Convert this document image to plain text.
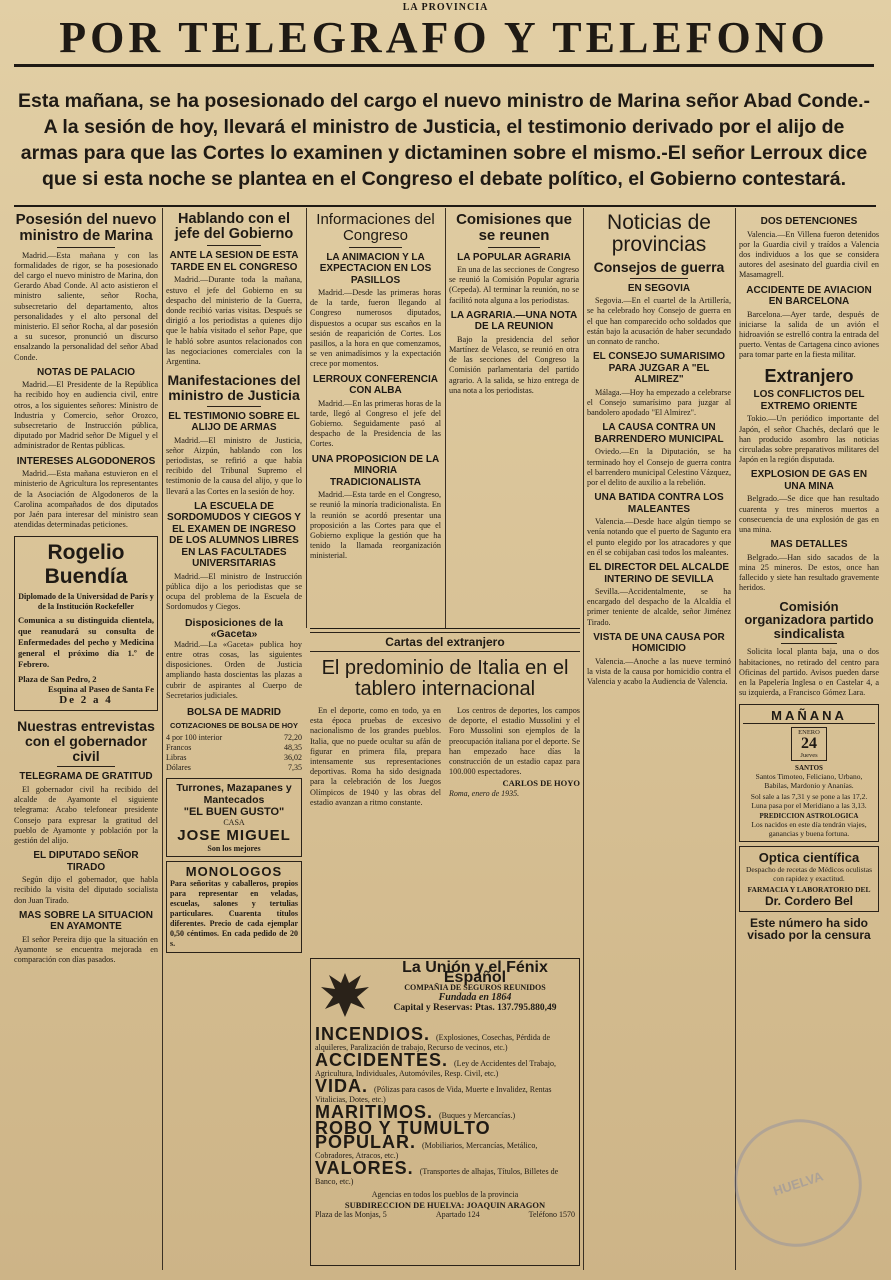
LA PROVINCIA
POR TELEGRAFO Y TELEFONO
Esta mañana, se ha posesionado del cargo el nuevo ministro de Marina señor Abad Conde.-A la sesión de hoy, llevará el ministro de Justicia, el testimonio derivado por el alijo de armas para que las Cortes lo examinen y dictaminen sobre el mismo.-El señor Lerroux dice que si esta noche se plantea en el Congreso el debate político, el Gobierno contestará.
Posesión del nuevo ministro de Marina

Madrid.—Esta mañana y con las formalidades de rigor, se ha posesionado del cargo el nuevo ministro de Marina, don Gerardo Abad Conde. Al acto asistieron el ministro saliente, señor Rocha, subsecretario del departamento, altos personalidades y el alto personal del ministerio. El señor Rocha, al dar posesión a su sucesor, pronunció un discurso ensalzando la personalidad del señor Abad Conde.

NOTAS DE PALACIO

Madrid.—El Presidente de la República ha recibido hoy en audiencia civil, entre otros, a los siguientes señores: Ministro de Industria y Comercio, señor Orozco, subsecretario de Instrucción pública, diputado por Madrid señor De Miguel y el administrador de Rentas públicas.

INTERESES ALGODONEROS

Madrid.—Esta mañana estuvieron en el ministerio de Agricultura los representantes de la Asociación de Algodoneros de la Carolina acompañados de dos diputados por Jaén para interesar del ministro sean atendidas determinadas peticiones.

Rogelio Buendía
Diplomado de la Universidad de París y de la Institución Rockefeller
Comunica a su distinguida clientela, que reanudará su consulta de Enfermedades del pecho y Medicina general el próximo día 1.º de Febrero.
Plaza de San Pedro, 2
Esquina al Paseo de Santa Fe
De 2 a 4
Nuestras entrevistas con el gobernador civil
TELEGRAMA DE GRATITUD

El gobernador civil ha recibido del alcalde de Ayamonte el siguiente telegrama: Acabo telefonear presidente Consejo para expresar la gratitud del pueblo de Ayamonte y población por la gestión del alijo.

EL DIPUTADO SEÑOR TIRADO

Según dijo el gobernador, que habla recibido la visita del diputado socialista don Juan Tirado.

MAS SOBRE LA SITUACION EN AYAMONTE

El señor Pereira dijo que la situación en Ayamonte se encuentra mejorada en comparación con días pasados.

Hablando con el jefe del Gobierno
ANTE LA SESION DE ESTA TARDE EN EL CONGRESO

Madrid.—Durante toda la mañana, estuvo el jefe del Gobierno en su despacho del ministerio de la Guerra, donde recibió varias visitas. Después se dirigió a los periodistas a quienes dijo que le había visitado el señor Pape, que le habló sobre asuntos relacionados con las negociaciones comerciales con la Argentina.

Manifestaciones del ministro de Justicia
EL TESTIMONIO SOBRE EL ALIJO DE ARMAS

Madrid.—El ministro de Justicia, señor Aizpún, hablando con los periodistas, se refirió a que había recibido del Tribunal Supremo el testimonio de la causa del alijo, y que lo llevará a las Cortes en la sesión de hoy.

LA ESCUELA DE SORDOMUDOS Y CIEGOS Y EL EXAMEN DE INGRESO DE LOS ALUMNOS LIBRES EN LAS FACULTADES UNIVERSITARIAS

Madrid.—El ministro de Instrucción pública dijo a los periodistas que se ocupa del problema de la Escuela de Sordomudos y Ciegos.

Disposiciones de la «Gaceta»

Madrid.—La «Gaceta» publica hoy entre otras cosas, las siguientes disposiciones. Orden de Justicia ampliando hasta doscientas las plazas a cubrir de aspirantes al Cuerpo de Secretarios judiciales.

BOLSA DE MADRID
COTIZACIONES DE BOLSA DE HOY
4 por 100 interior	72,20
Francos	48,35
Libras	36,02
Dólares	7,35
Turrones, Mazapanes y Mantecados
"EL BUEN GUSTO"
CASA
JOSE MIGUEL
Son los mejores
MONOLOGOS
Para señoritas y caballeros, propios para representar en veladas, escuelas, salones y tertulias particulares. Cuarenta títulos diferentes. Precio de cada ejemplar 0,50 céntimos. En cada pedido de 20 s.
Informaciones del Congreso
LA ANIMACION Y LA EXPECTACION EN LOS PASILLOS

Madrid.—Desde las primeras horas de la tarde, fueron llegando al Congreso numerosos diputados, dispuestos a ocupar sus escaños en la sesión de reaparición de Cortes. Los pasillos, a la hora en que comenzamos, se ven animadísimos y la expectación crece por momentos.

LERROUX CONFERENCIA CON ALBA

Madrid.—En las primeras horas de la tarde, llegó al Congreso el jefe del Gobierno. Seguidamente pasó al despacho de la Presidencia de las Cortes.

UNA PROPOSICION DE LA MINORIA TRADICIONALISTA

Madrid.—Esta tarde en el Congreso, se reunió la minoría tradicionalista. En la reunión se acordó presentar una proposición a las Cortes para que el Gobierno explique la gestión que ha tenido la llamada reorganización ministerial.

Comisiones que se reunen
LA POPULAR AGRARIA

En una de las secciones de Congreso se reunió la Comisión Popular agraria (Cepeda). Al terminar la reunión, no se facilitó nota alguna a los periodistas.

LA AGRARIA.—UNA NOTA DE LA REUNION

Bajo la presidencia del señor Martínez de Velasco, se reunió en otra de las secciones del Congreso la Comisión parlamentaria del partido agrario. A la salida, se hizo entrega de una nota a los periodistas.

Cartas del extranjero
El predominio de Italia en el tablero internacional

En el deporte, como en todo, ya en esta época pruebas de excesivo nacionalismo de los grandes pueblos. Italia, que no puede ocultar su afán de figurar en primera fila, prepara intensamente sus representaciones deportivas. Roma ha sido designada para la celebración de los Juegos Olímpicos de 1940 y las obras del estadio avanzan a ritmo constante.

Los centros de deportes, los campos de deporte, el estadio Mussolini y el Foro Mussolini son ejemplos de la preocupación italiana por el deporte. Se han empezado hace días la construcción de un estadio capaz para 100.000 espectadores.

CARLOS DE HOYO
Roma, enero de 1935.
La Unión y el Fénix Español
COMPAÑIA DE SEGUROS REUNIDOS
Fundada en 1864
Capital y Reservas: Ptas. 137.795.880,49
INCENDIOS. (Explosiones, Cosechas, Pérdida de alquileres, Paralización de trabajo, Recurso de vecinos, etc.)
ACCIDENTES. (Ley de Accidentes del Trabajo, Agricultura, Individuales, Automóviles, Resp. Civil, etc.)
VIDA. (Pólizas para casos de Vida, Muerte e Invalidez, Rentas Vitalicias, Dotes, etc.)
MARITIMOS. (Buques y Mercancías.)
ROBO Y TUMULTO POPULAR. (Mobiliarios, Mercancías, Metálico, Cobradores, Atracos, etc.)
VALORES. (Transportes de alhajas, Títulos, Billetes de Banco, etc.)
Agencias en todos los pueblos de la provincia
SUBDIRECCION DE HUELVA: JOAQUIN ARAGON
Plaza de las Monjas, 5	Apartado 124	Teléfono 1570
Noticias de provincias
Consejos de guerra
EN SEGOVIA

Segovia.—En el cuartel de la Artillería, se ha celebrado hoy Consejo de guerra en el que han comparecido ocho soldados que están bajo la acusación de haber secundado un connato de rancho.

EL CONSEJO SUMARISIMO PARA JUZGAR A "EL ALMIREZ"

Málaga.—Hoy ha empezado a celebrarse el Consejo sumarísimo para juzgar al bandolero apodado "El Almirez".

LA CAUSA CONTRA UN BARRENDERO MUNICIPAL

Oviedo.—En la Diputación, se ha terminado hoy el Consejo de guerra contra el barrendero municipal Celestino Vázquez, por el delito de auxilio a la rebelión.

UNA BATIDA CONTRA LOS MALEANTES

Valencia.—Desde hace algún tiempo se venía notando que el puerto de Sagunto era el punto elegido por los atracadores y que en él se cobijaban casi todos los maleantes.

EL DIRECTOR DEL ALCALDE INTERINO DE SEVILLA

Sevilla.—Accidentalmente, se ha encargado del despacho de la Alcaldía el primer teniente de alcalde, señor Jiménez Tirado.

VISTA DE UNA CAUSA POR HOMICIDIO

Valencia.—Anoche a las nueve terminó la vista de la causa por homicidio contra el Valencia y acabo la Audiencia de Valencia.

DOS DETENCIONES

Valencia.—En Villena fueron detenidos por la Guardia civil y traídos a Valencia dos individuos a los que se considera autores del asesinato del guardia civil en Masamagrell.

ACCIDENTE DE AVIACION EN BARCELONA

Barcelona.—Ayer tarde, después de iniciarse la salida de un avión el hidroavión se estrelló contra la entrada del puerto. Ventas de Cartagena cinco aviones para tomar parte en la fiesta militar.

Extranjero
LOS CONFLICTOS DEL EXTREMO ORIENTE

Tokio.—Un periódico importante del Japón, el señor Chachés, declaró que le han producido asombro las noticias circuladas sobre preparativos militares del Japón en la región disputada.

EXPLOSION DE GAS EN UNA MINA

Belgrado.—Se dice que han resultado cuarenta y tres mineros muertos a consecuencia de una explosión de gas en una mina.

MAS DETALLES

Belgrado.—Han sido sacados de la mina 25 mineros. De estos, once han fallecido y siete han resultado gravemente heridos.

Comisión organizadora partido sindicalista

Solicita local planta baja, una o dos habitaciones, no retirado del centro para Oficinas del partido. Avisos pueden darse en la Papelería Inglesa o en Castelar 4, a su izquierda, a Francisco Gómez Lara.

MAÑANA
ENERO
24
Jueves
SANTOS
Santos Timoteo, Feliciano, Urbano, Babilas, Mardonio y Ananías.
Sol sale a las 7,31 y se pone a las 17,2.
Luna pasa por el Meridiano a las 3,13.
PREDICCION ASTROLOGICA
Los nacidos en este día tendrán viajes, ganancias y buena fortuna.
Optica científica
Despacho de recetas de Médicos oculistas con rapidez y exactitud.
FARMACIA Y LABORATORIO DEL
Dr. Cordero Bel
Este número ha sido visado por la censura
HUELVA
